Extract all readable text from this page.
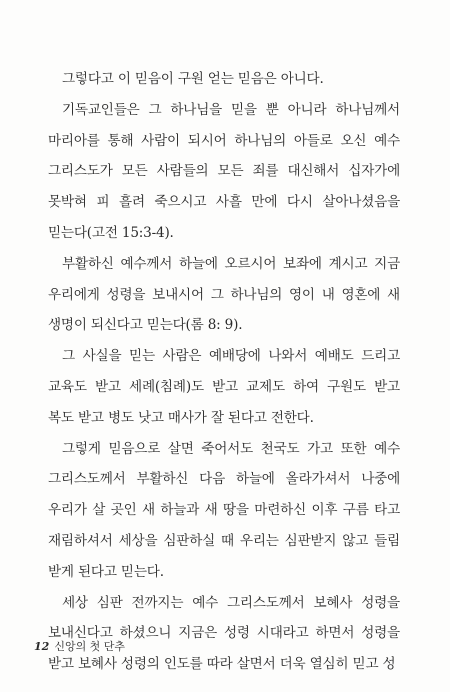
그렇다고 이 믿음이 구원 얻는 믿음은 아니다.

기독교인들은 그 하나님을 믿을 뿐 아니라 하나님께서 마리아를 통해 사람이 되시어 하나님의 아들로 오신 예수 그리스도가 모든 사람들의 모든 죄를 대신해서 십자가에 못박혀 피 흘려 죽으시고 사흘 만에 다시 살아나셨음을 믿는다(고전 15:3-4).

부활하신 예수께서 하늘에 오르시어 보좌에 계시고 지금 우리에게 성령을 보내시어 그 하나님의 영이 내 영혼에 새 생명이 되신다고 믿는다(롬 8: 9).

그 사실을 믿는 사람은 예배당에 나와서 예배도 드리고 교육도 받고 세례(침례)도 받고 교제도 하여 구원도 받고 복도 받고 병도 낫고 매사가 잘 된다고 전한다.

그렇게 믿음으로 살면 죽어서도 천국도 가고 또한 예수 그리스도께서 부활하신 다음 하늘에 올라가셔서 나중에 우리가 살 곳인 새 하늘과 새 땅을 마련하신 이후 구름 타고 재림하셔서 세상을 심판하실 때 우리는 심판받지 않고 들림 받게 된다고 믿는다.

세상 심판 전까지는 예수 그리스도께서 보혜사 성령을 보내신다고 하셨으니 지금은 성령 시대라고 하면서 성령을 받고 보혜사 성령의 인도를 따라 살면서 더욱 열심히 믿고 성

12 신앙의 첫 단추
